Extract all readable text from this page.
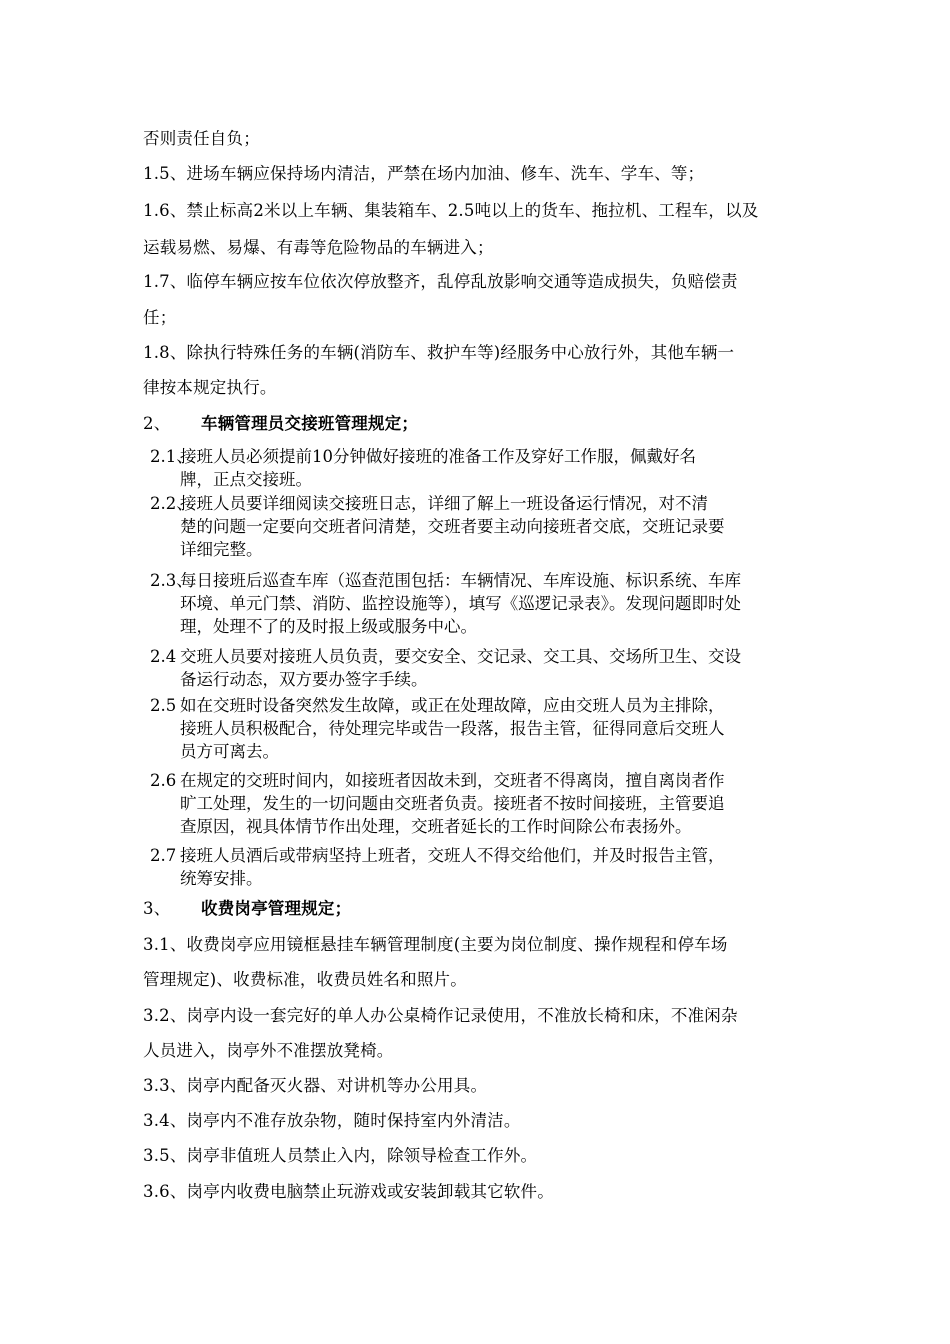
否则责任自负；
1.5、进场车辆应保持场内清洁，严禁在场内加油、修车、洗车、学车、等；
1.6、禁止标高2米以上车辆、集装箱车、2.5吨以上的货车、拖拉机、工程车，以及
运载易燃、易爆、有毒等危险物品的车辆进入；
1.7、临停车辆应按车位依次停放整齐，乱停乱放影响交通等造成损失，负赔偿责
任；
1.8、除执行特殊任务的车辆(消防车、救护车等)经服务中心放行外，其他车辆一
律按本规定执行。
2、 车辆管理员交接班管理规定；
2.1、接班人员必须提前10分钟做好接班的准备工作及穿好工作服，佩戴好名
牌，正点交接班。
2.2、接班人员要详细阅读交接班日志，详细了解上一班设备运行情况，对不清
楚的问题一定要向交班者问清楚，交班者要主动向接班者交底，交班记录要
详细完整。
2.3、每日接班后巡查车库（巡查范围包括：车辆情况、车库设施、标识系统、车库
环境、单元门禁、消防、监控设施等），填写《巡逻记录表》。发现问题即时处
理，处理不了的及时报上级或服务中心。
2.4 交班人员要对接班人员负责，要交安全、交记录、交工具、交场所卫生、交设
备运行动态，双方要办签字手续。
2.5 如在交班时设备突然发生故障，或正在处理故障，应由交班人员为主排除，
接班人员积极配合，待处理完毕或告一段落，报告主管，征得同意后交班人
员方可离去。
2.6 在规定的交班时间内，如接班者因故未到，交班者不得离岗，擅自离岗者作
旷工处理，发生的一切问题由交班者负责。接班者不按时间接班，主管要追
查原因，视具体情节作出处理，交班者延长的工作时间除公布表扬外。
2.7 接班人员酒后或带病坚持上班者，交班人不得交给他们，并及时报告主管，
统筹安排。
3、 收费岗亭管理规定；
3.1、收费岗亭应用镜框悬挂车辆管理制度(主要为岗位制度、操作规程和停车场
管理规定)、收费标准，收费员姓名和照片。
3.2、岗亭内设一套完好的单人办公桌椅作记录使用，不准放长椅和床，不准闲杂
人员进入，岗亭外不准摆放凳椅。
3.3、岗亭内配备灭火器、对讲机等办公用具。
3.4、岗亭内不准存放杂物，随时保持室内外清洁。
3.5、岗亭非值班人员禁止入内，除领导检查工作外。
3.6、岗亭内收费电脑禁止玩游戏或安装卸载其它软件。
